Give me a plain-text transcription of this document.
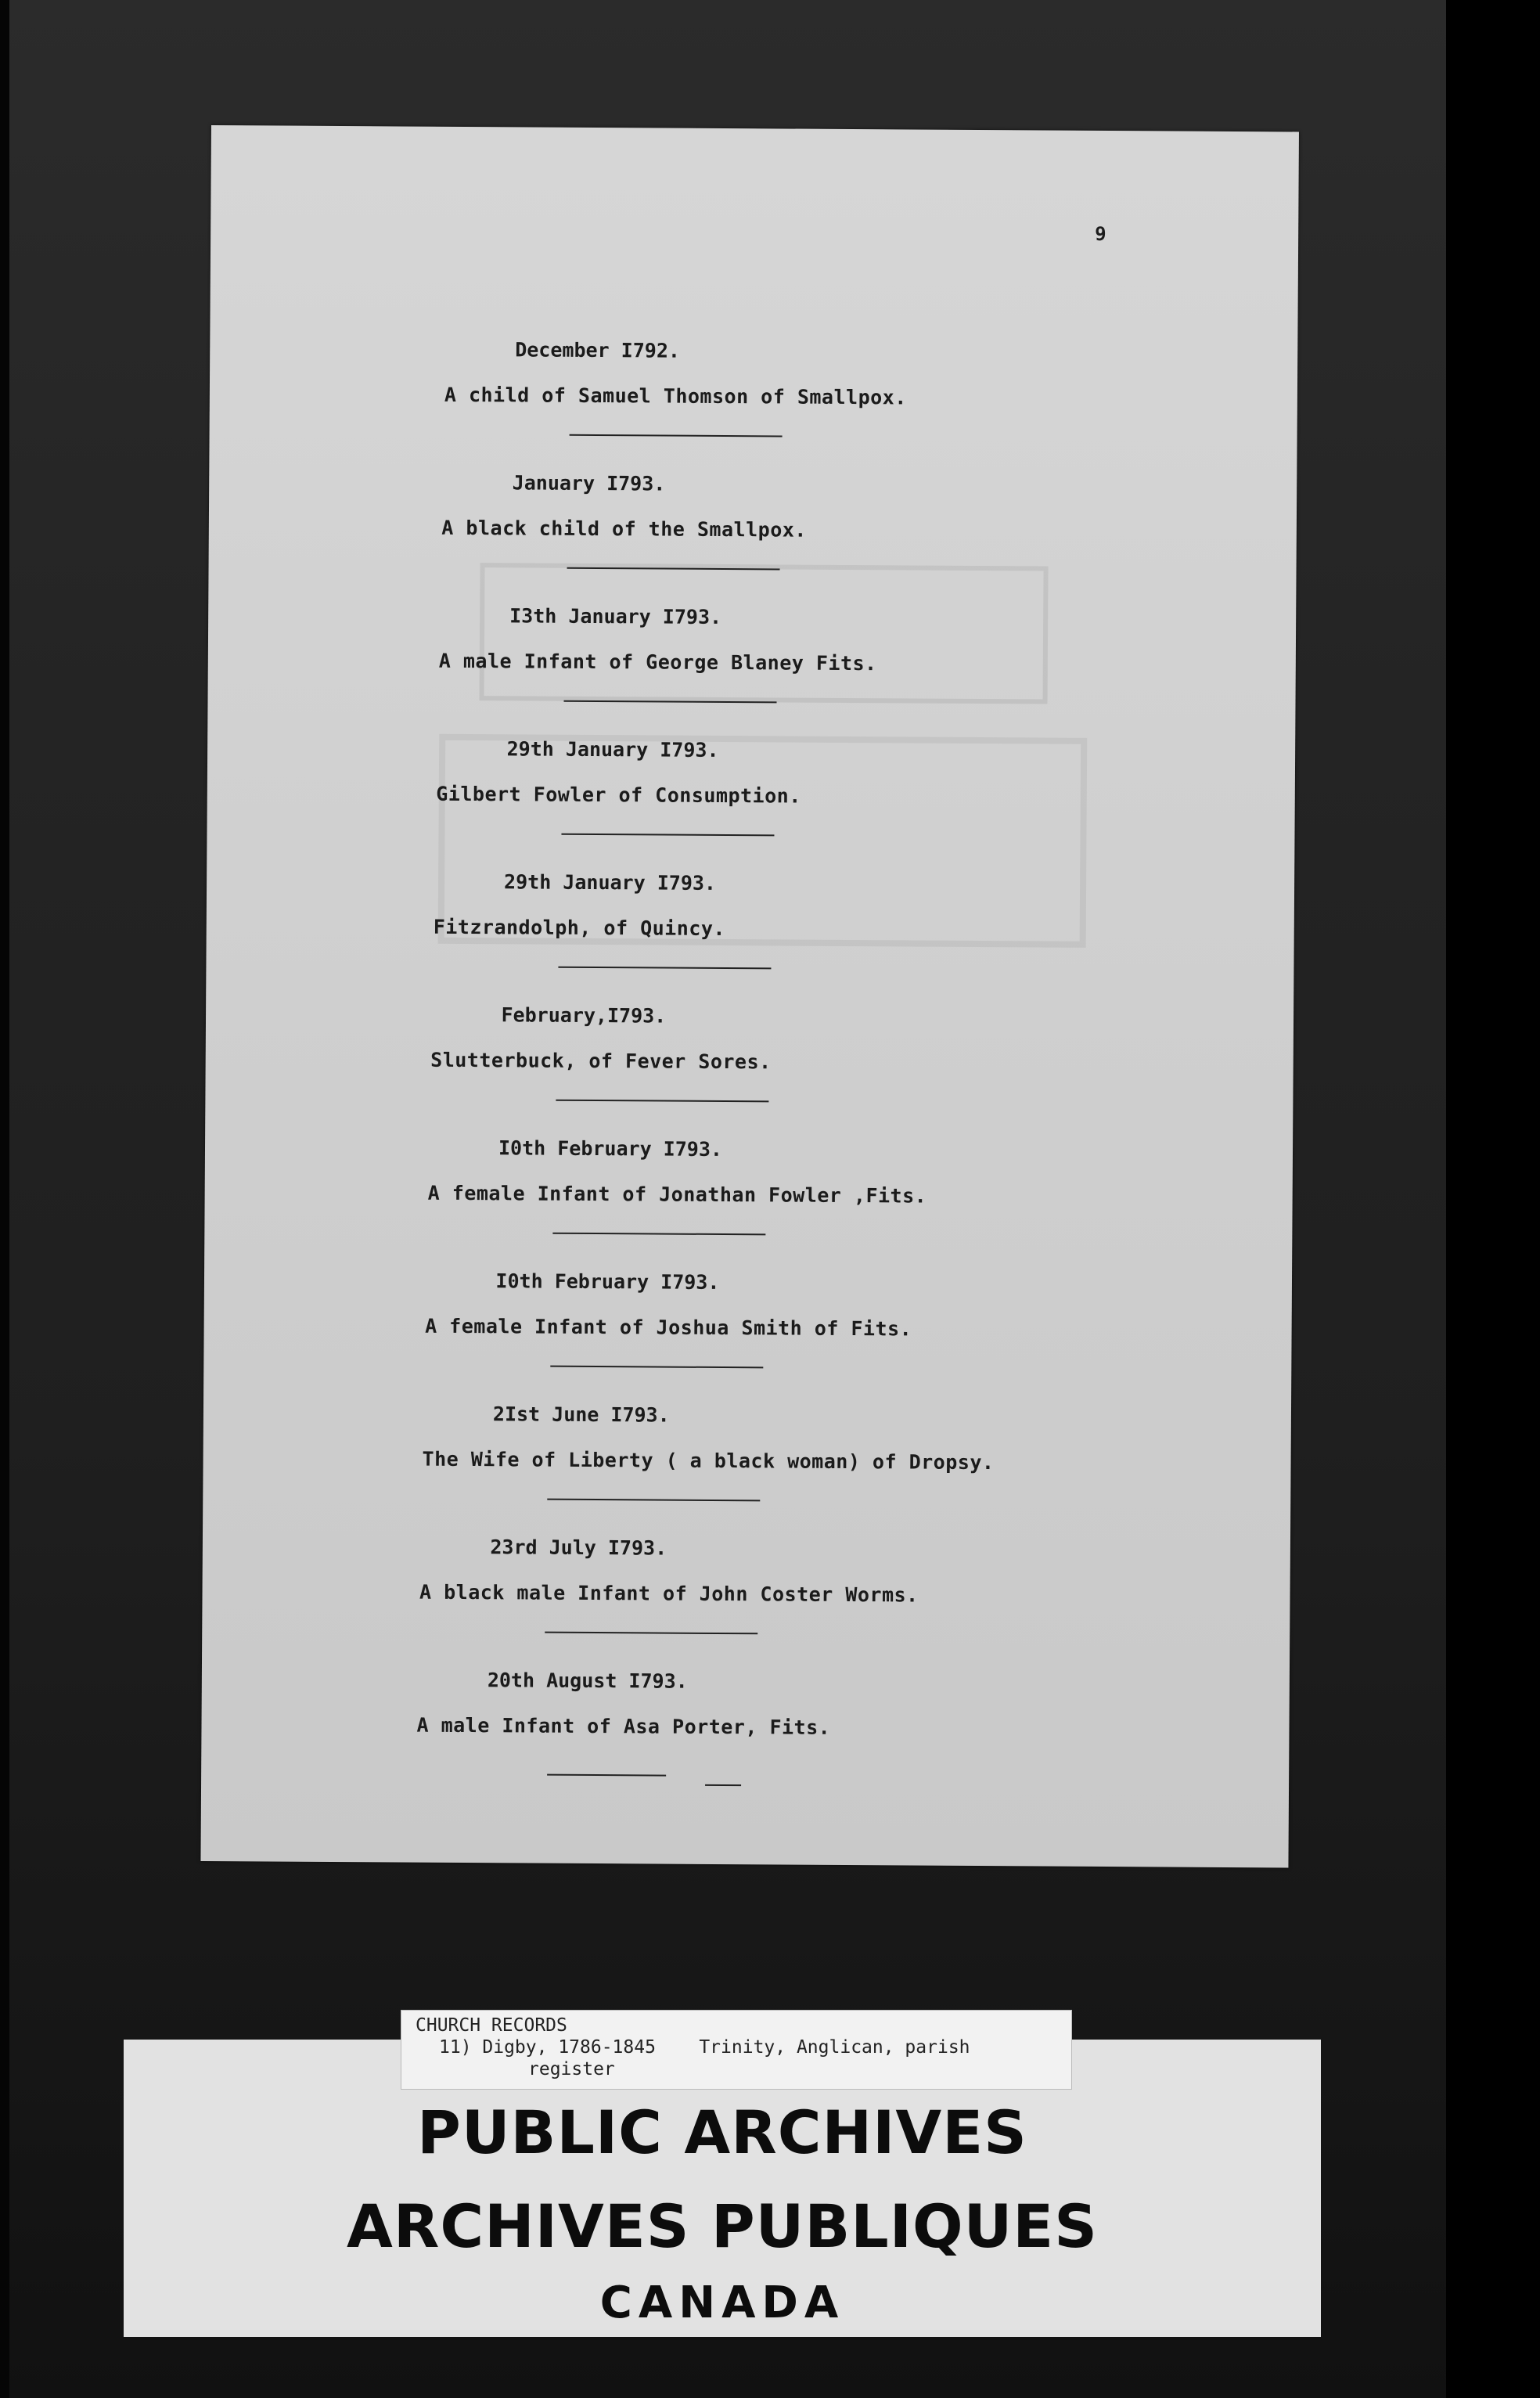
9
December I792.
A child of Samuel Thomson of Smallpox.
January I793.
A black child of the Smallpox.
I3th January I793.
A male Infant of George Blaney Fits.
29th January I793.
Gilbert Fowler of Consumption.
29th January I793.
Fitzrandolph, of Quincy.
February,I793.
Slutterbuck, of Fever Sores.
I0th February I793.
A female Infant of Jonathan Fowler ,Fits.
I0th February I793.
A female Infant of Joshua Smith of Fits.
2Ist June I793.
The Wife of Liberty ( a black woman) of Dropsy.
23rd July I793.
A black male Infant of John Coster Worms.
20th August I793.
A male Infant of Asa Porter, Fits.
CHURCH RECORDS
11) Digby, 1786-1845    Trinity, Anglican, parish
register
PUBLIC ARCHIVES
ARCHIVES PUBLIQUES
CANADA
